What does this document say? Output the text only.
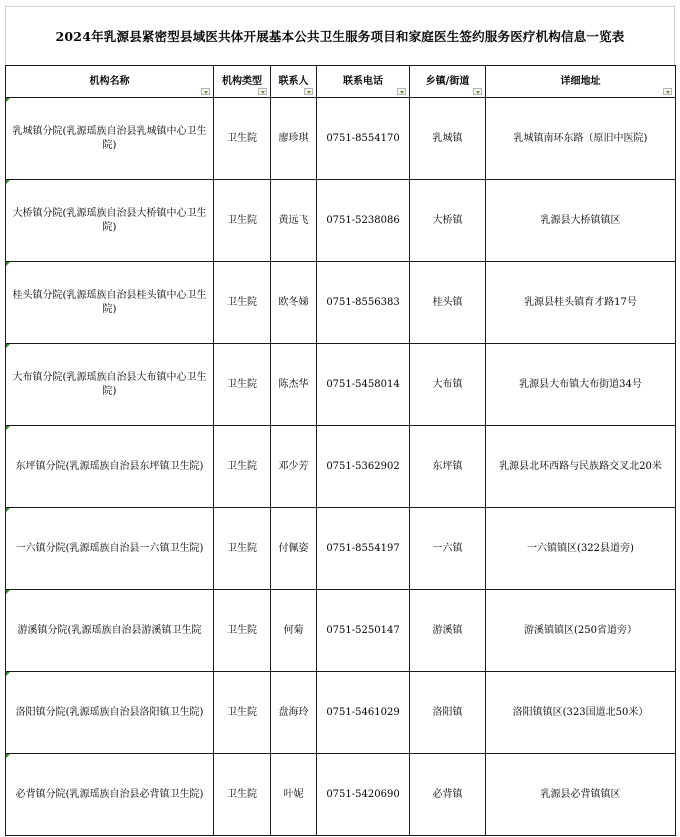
2024年乳源县紧密型县域医共体开展基本公共卫生服务项目和家庭医生签约服务医疗机构信息一览表
机构名称	机构类型	联系人	联系电话	乡镇/街道	详细地址

乳城镇分院(乳源瑶族自治县乳城镇中心卫生院)	卫生院	廖珍琪	0751-8554170	乳城镇	乳城镇南环东路（原旧中医院)
大桥镇分院(乳源瑶族自治县大桥镇中心卫生院)	卫生院	黄远飞	0751-5238086	大桥镇	乳源县大桥镇镇区
桂头镇分院(乳源瑶族自治县桂头镇中心卫生院)	卫生院	欧冬娣	0751-8556383	桂头镇	乳源县桂头镇育才路17号
大布镇分院(乳源瑶族自治县大布镇中心卫生院)	卫生院	陈杰华	0751-5458014	大布镇	乳源县大布镇大布街道34号
东坪镇分院(乳源瑶族自治县东坪镇卫生院)	卫生院	邓少芳	0751-5362902	东坪镇	乳源县北环西路与民族路交叉北20米
一六镇分院(乳源瑶族自治县一六镇卫生院)	卫生院	付佩姿	0751-8554197	一六镇	一六镇镇区(322县道旁)
游溪镇分院(乳源瑶族自治县游溪镇卫生院	卫生院	何菊	0751-5250147	游溪镇	游溪镇镇区(250省道旁）
洛阳镇分院(乳源瑶族自治县洛阳镇卫生院)	卫生院	盘海玲	0751-5461029	洛阳镇	洛阳镇镇区(323国道北50米）
必背镇分院(乳源瑶族自治县必背镇卫生院)	卫生院	叶妮	0751-5420690	必背镇	乳源县必背镇镇区
